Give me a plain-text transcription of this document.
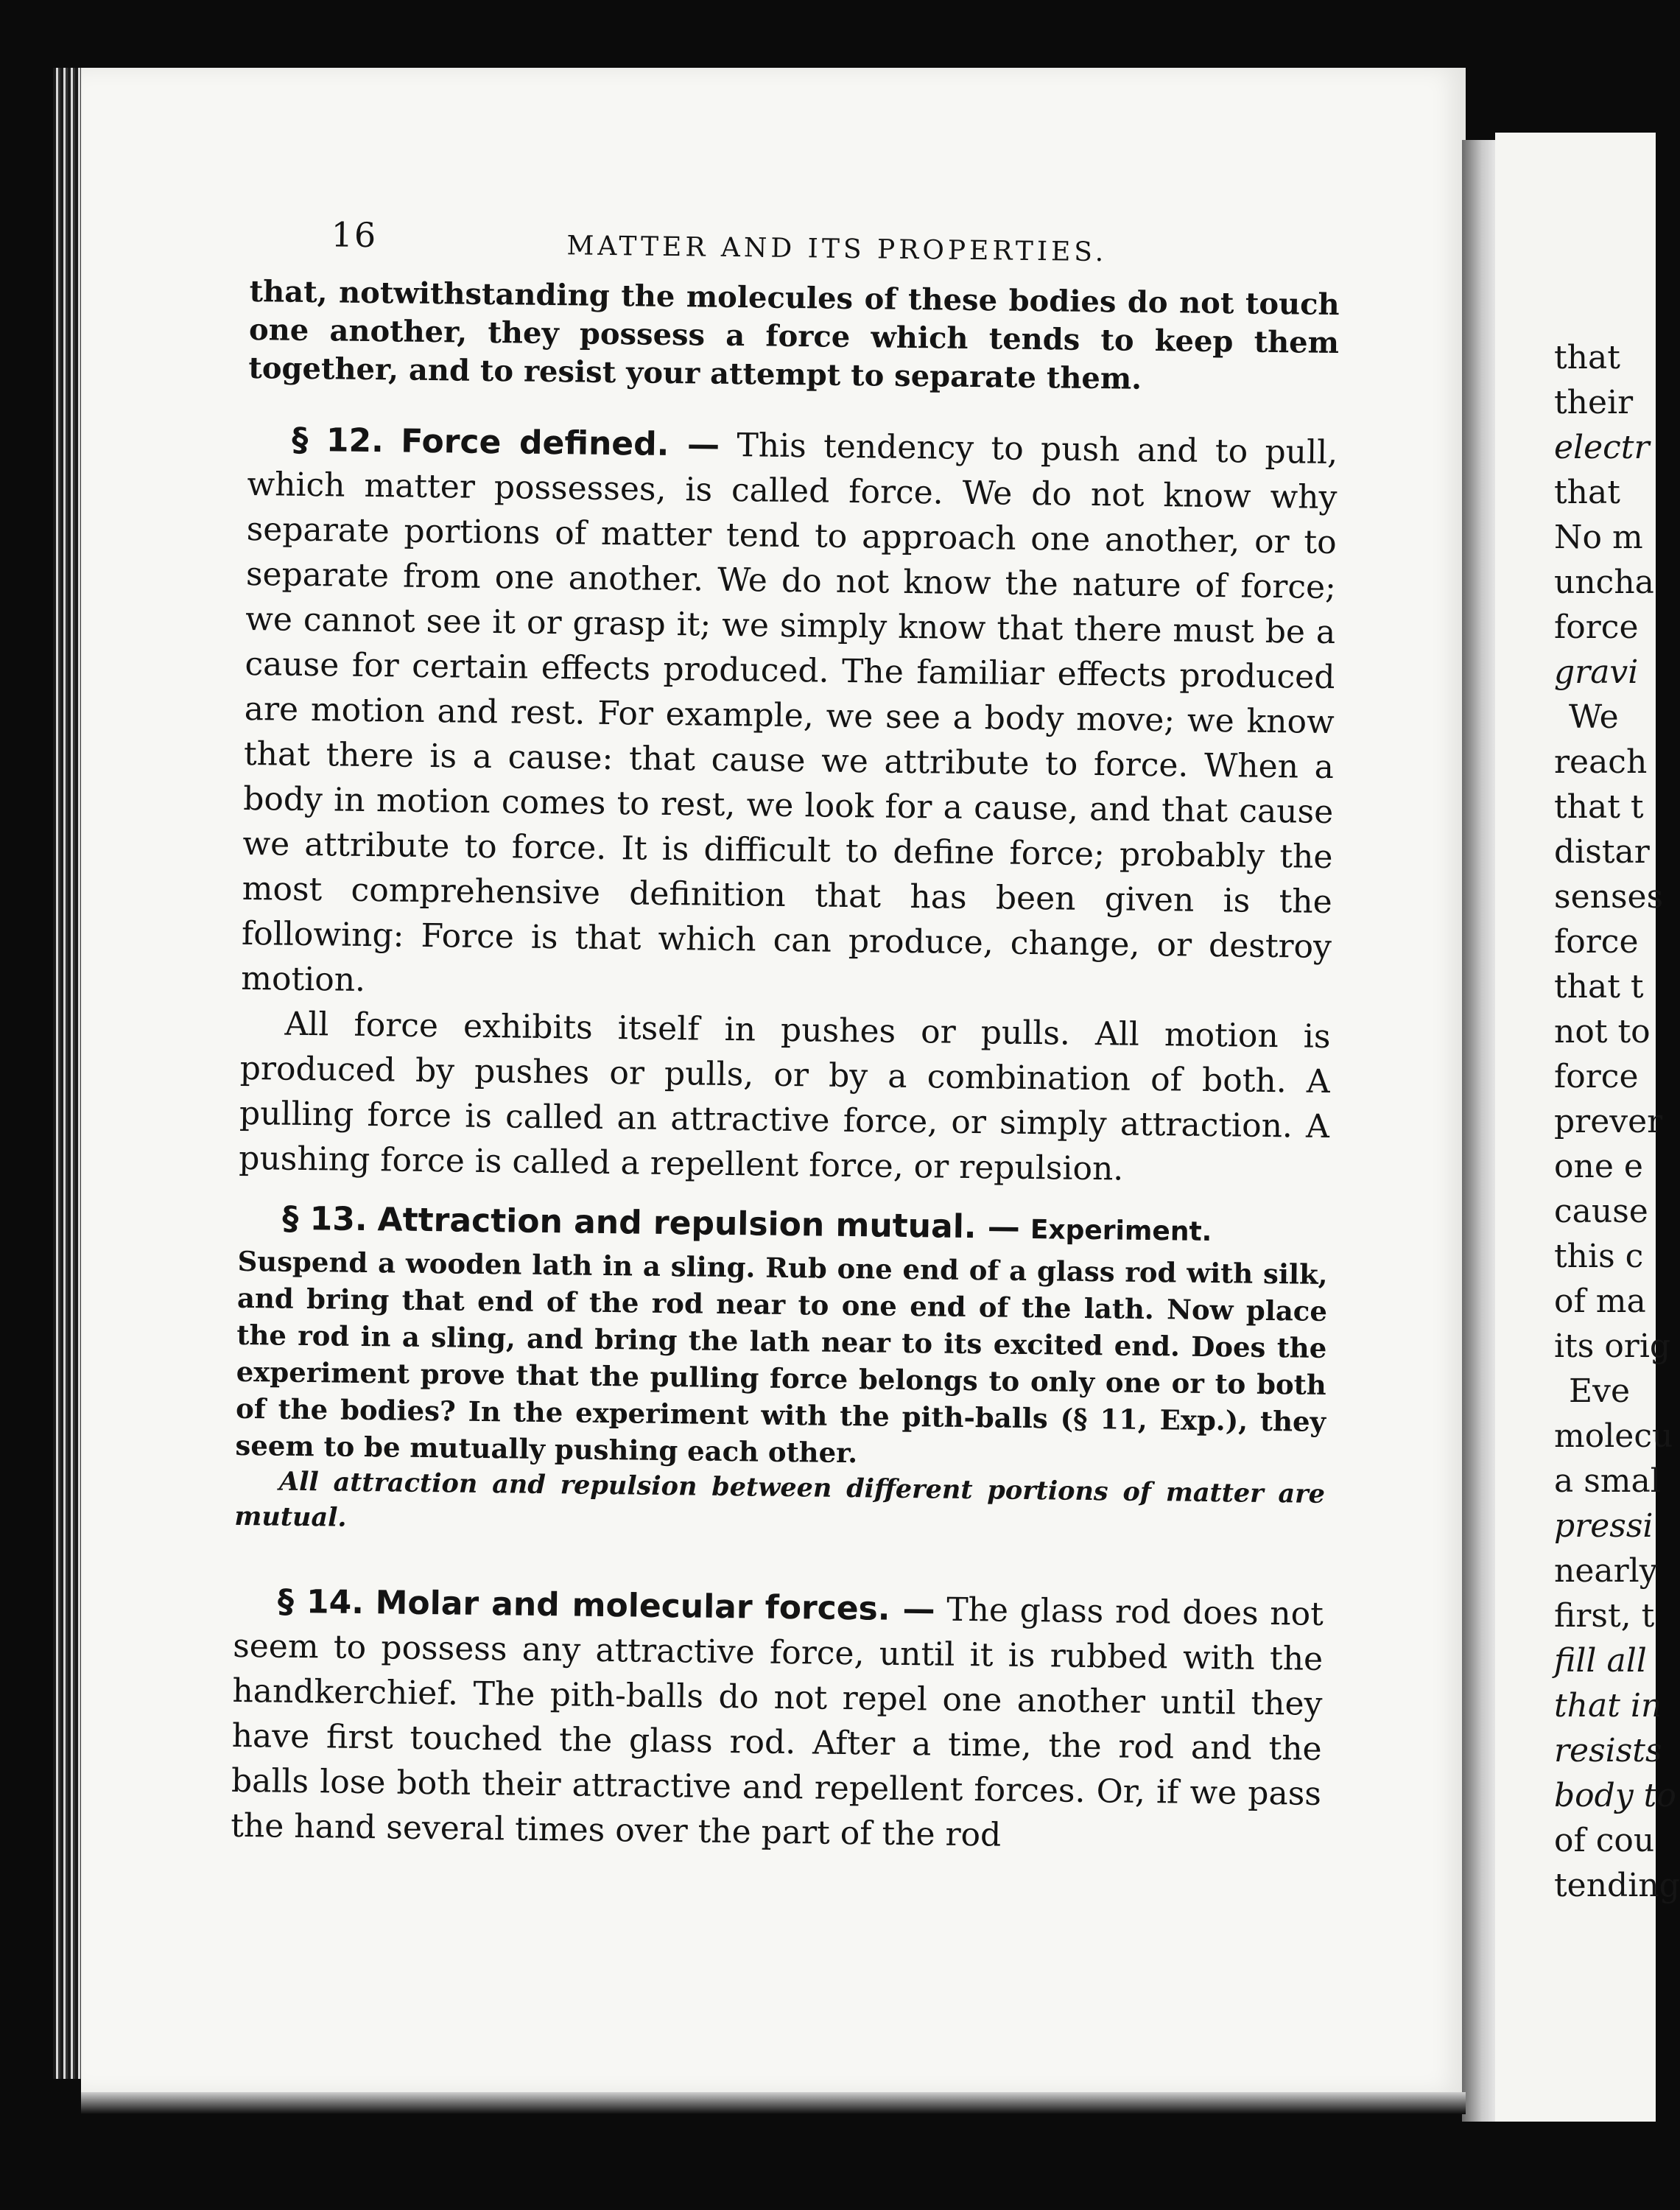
16	MATTER AND ITS PROPERTIES.

that, notwithstanding the molecules of these bodies do not touch one another, they possess a force which tends to keep them together, and to resist your attempt to separate them.

§ 12. Force defined. — This tendency to push and to pull, which matter possesses, is called force. We do not know why separate portions of matter tend to approach one another, or to separate from one another. We do not know the nature of force; we cannot see it or grasp it; we simply know that there must be a cause for certain effects produced. The familiar effects produced are motion and rest. For example, we see a body move; we know that there is a cause: that cause we attribute to force. When a body in motion comes to rest, we look for a cause, and that cause we attribute to force. It is difficult to define force; probably the most comprehensive definition that has been given is the following: Force is that which can produce, change, or destroy motion.

All force exhibits itself in pushes or pulls. All motion is produced by pushes or pulls, or by a combination of both. A pulling force is called an attractive force, or simply attraction. A pushing force is called a repellent force, or repulsion.

§ 13. Attraction and repulsion mutual. — Experiment.

Suspend a wooden lath in a sling. Rub one end of a glass rod with silk, and bring that end of the rod near to one end of the lath. Now place the rod in a sling, and bring the lath near to its excited end. Does the experiment prove that the pulling force belongs to only one or to both of the bodies? In the experiment with the pith-balls (§ 11, Exp.), they seem to be mutually pushing each other.

All attraction and repulsion between different portions of matter are mutual.

§ 14. Molar and molecular forces. — The glass rod does not seem to possess any attractive force, until it is rubbed with the handkerchief. The pith-balls do not repel one another until they have first touched the glass rod. After a time, the rod and the balls lose both their attractive and repellent forces. Or, if we pass the hand several times over the part of the rod

that
their
electr
that
No m
uncha
force
gravi
We
reach
that t
distar
senses
force
that t
not to
force
prever
one e
cause
this c
of ma
its orig
Eve
molecu
a smal
pressi
nearly
first, t
fill all
that in
resists
body to
of cou
tending
